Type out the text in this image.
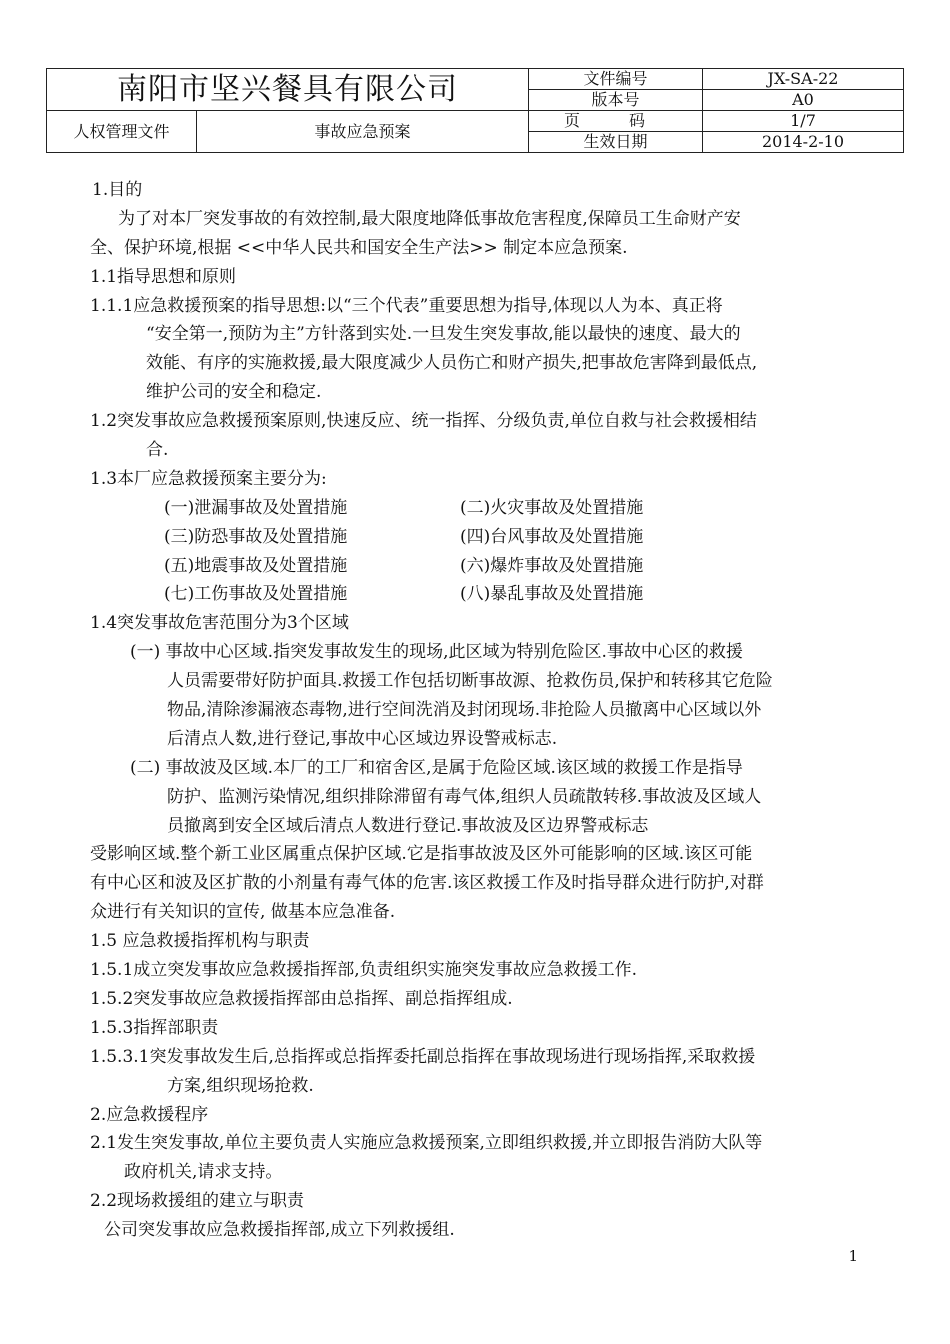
南阳市坚兴餐具有限公司		文件编号	JX-SA-22
		版本号	A0
人权管理文件	事故应急预案	页 码	1/7
		生效日期	2014-2-10
1.目的
为了对本厂突发事故的有效控制,最大限度地降低事故危害程度,保障员工生命财产安
全、保护环境,根据 <<中华人民共和国安全生产法>> 制定本应急预案.
1.1指导思想和原则
1.1.1应急救援预案的指导思想:以“三个代表”重要思想为指导,体现以人为本、真正将
“安全第一,预防为主”方针落到实处.一旦发生突发事故,能以最快的速度、最大的
效能、有序的实施救援,最大限度减少人员伤亡和财产损失,把事故危害降到最低点,
维护公司的安全和稳定.
1.2突发事故应急救援预案原则,快速反应、统一指挥、分级负责,单位自救与社会救援相结
合.
1.3本厂应急救援预案主要分为:
(一)泄漏事故及处置措施	(二)火灾事故及处置措施
(三)防恐事故及处置措施	(四)台风事故及处置措施
(五)地震事故及处置措施	(六)爆炸事故及处置措施
(七)工伤事故及处置措施	(八)暴乱事故及处置措施
1.4突发事故危害范围分为3个区域
(一) 事故中心区域.指突发事故发生的现场,此区域为特别危险区.事故中心区的救援
人员需要带好防护面具.救援工作包括切断事故源、抢救伤员,保护和转移其它危险
物品,清除渗漏液态毒物,进行空间洗消及封闭现场.非抢险人员撤离中心区域以外
后清点人数,进行登记,事故中心区域边界设警戒标志.
(二) 事故波及区域.本厂的工厂和宿舍区,是属于危险区域.该区域的救援工作是指导
防护、监测污染情况,组织排除滞留有毒气体,组织人员疏散转移.事故波及区域人
员撤离到安全区域后清点人数进行登记.事故波及区边界警戒标志
受影响区域.整个新工业区属重点保护区域.它是指事故波及区外可能影响的区域.该区可能
有中心区和波及区扩散的小剂量有毒气体的危害.该区救援工作及时指导群众进行防护,对群
众进行有关知识的宣传, 做基本应急准备.
1.5 应急救援指挥机构与职责
1.5.1成立突发事故应急救援指挥部,负责组织实施突发事故应急救援工作.
1.5.2突发事故应急救援指挥部由总指挥、副总指挥组成.
1.5.3指挥部职责
1.5.3.1突发事故发生后,总指挥或总指挥委托副总指挥在事故现场进行现场指挥,采取救援
方案,组织现场抢救.
2.应急救援程序
2.1发生突发事故,单位主要负责人实施应急救援预案,立即组织救援,并立即报告消防大队等
政府机关,请求支持。
2.2现场救援组的建立与职责
公司突发事故应急救援指挥部,成立下列救援组.
1
